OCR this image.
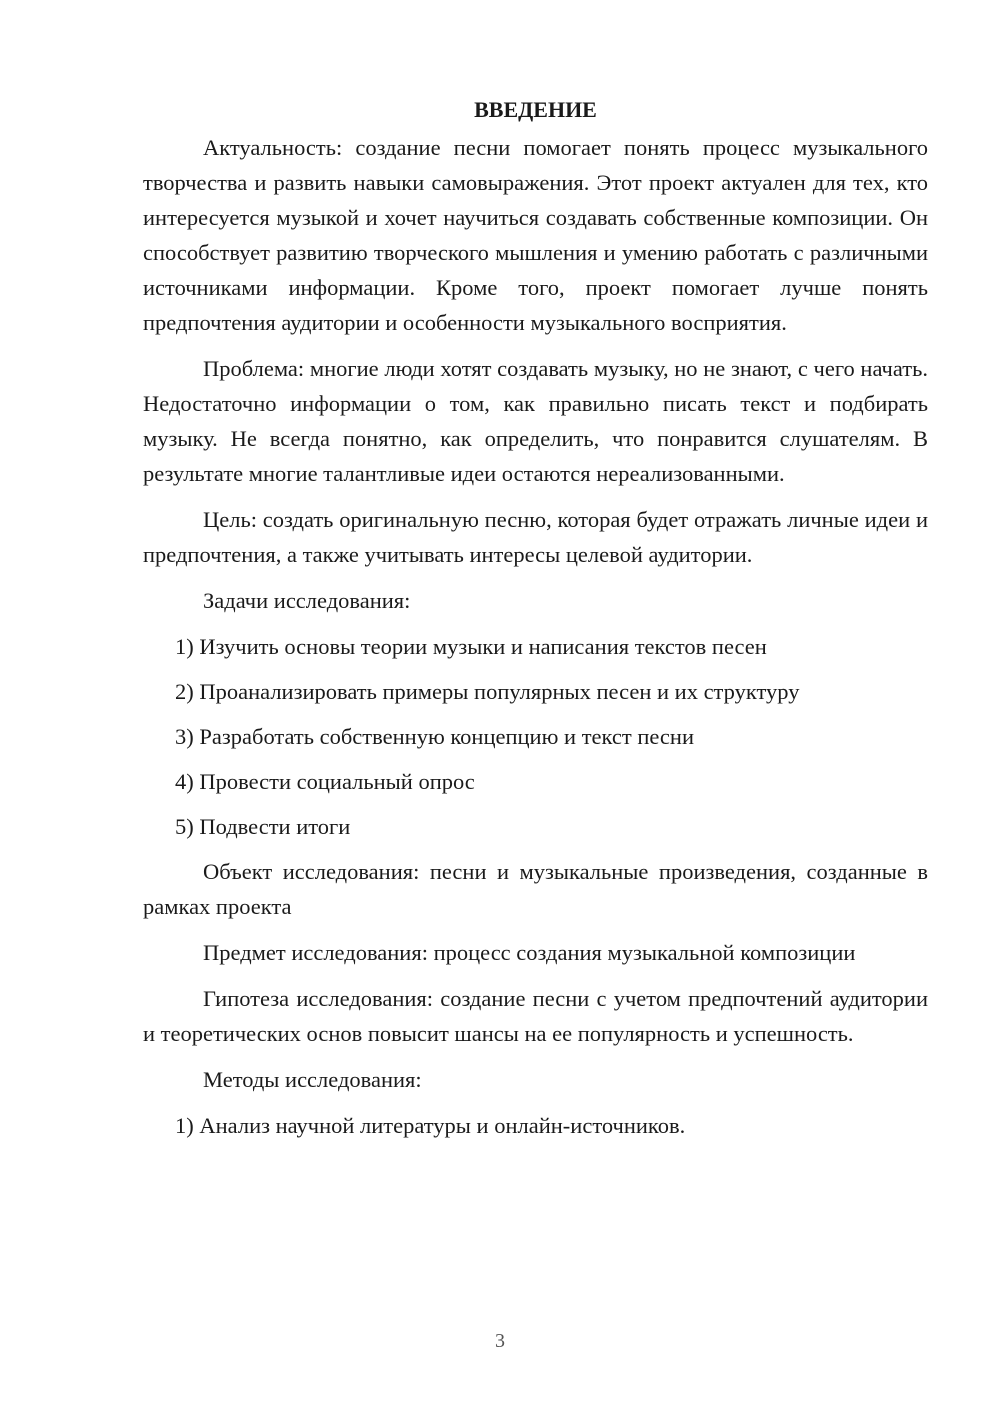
ВВЕДЕНИЕ

Актуальность: создание песни помогает понять процесс музыкального творчества и развить навыки самовыражения. Этот проект актуален для тех, кто интересуется музыкой и хочет научиться создавать собственные композиции. Он способствует развитию творческого мышления и умению работать с различными источниками информации. Кроме того, проект помогает лучше понять предпочтения аудитории и особенности музыкального восприятия.

Проблема: многие люди хотят создавать музыку, но не знают, с чего начать. Недостаточно информации о том, как правильно писать текст и подбирать музыку. Не всегда понятно, как определить, что понравится слушателям. В результате многие талантливые идеи остаются нереализованными.

Цель: создать оригинальную песню, которая будет отражать личные идеи и предпочтения, а также учитывать интересы целевой аудитории.

Задачи исследования:
1) Изучить основы теории музыки и написания текстов песен
2) Проанализировать примеры популярных песен и их структуру
3) Разработать собственную концепцию и текст песни
4) Провести социальный опрос
5) Подвести итоги

Объект исследования: песни и музыкальные произведения, созданные в рамках проекта

Предмет исследования: процесс создания музыкальной композиции

Гипотеза исследования: создание песни с учетом предпочтений аудитории и теоретических основ повысит шансы на ее популярность и успешность.

Методы исследования:
1) Анализ научной литературы и онлайн-источников.
3
